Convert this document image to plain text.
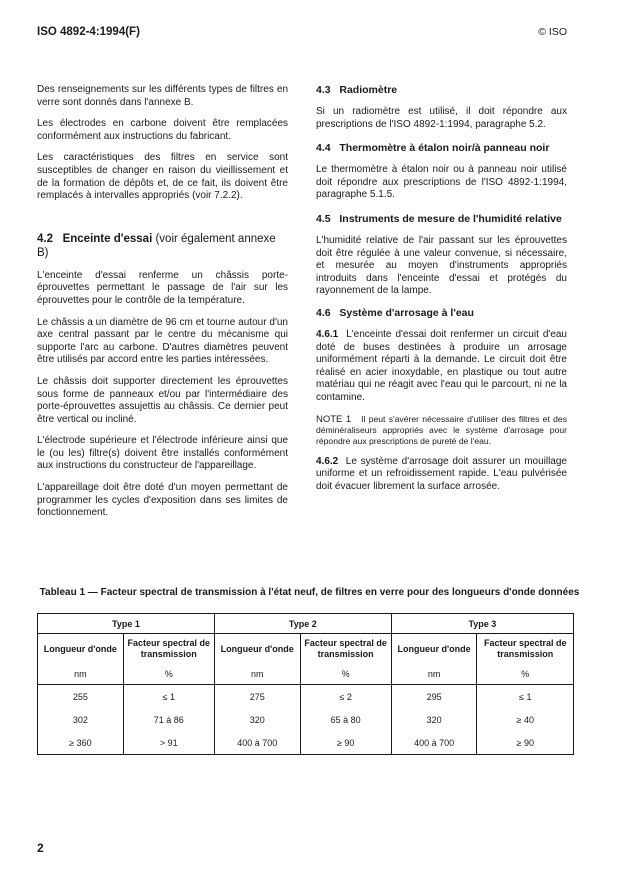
ISO 4892-4:1994(F)	© ISO

Des renseignements sur les différents types de filtres en verre sont donnés dans l'annexe B.

Les électrodes en carbone doivent être remplacées conformément aux instructions du fabricant.

Les caractéristiques des filtres en service sont susceptibles de changer en raison du vieillissement et de la formation de dépôts et, de ce fait, ils doivent être remplacés à intervalles appropriés (voir 7.2.2).

4.2 Enceinte d'essai (voir également annexe B)

L'enceinte d'essai renferme un châssis porte-éprouvettes permettant le passage de l'air sur les éprouvettes pour le contrôle de la température.

Le châssis a un diamètre de 96 cm et tourne autour d'un axe central passant par le centre du mécanisme qui supporte l'arc au carbone. D'autres diamètres peuvent être utilisés par accord entre les parties intéressées.

Le châssis doit supporter directement les éprouvettes sous forme de panneaux et/ou par l'intermédiaire des porte-éprouvettes assujettis au châssis. Ce dernier peut être vertical ou incliné.

L'électrode supérieure et l'électrode inférieure ainsi que le (ou les) filtre(s) doivent être installés conformément aux instructions du constructeur de l'appareillage.

L'appareillage doit être doté d'un moyen permettant de programmer les cycles d'exposition dans ses limites de fonctionnement.

4.3 Radiomètre

Si un radiomètre est utilisé, il doit répondre aux prescriptions de l'ISO 4892-1:1994, paragraphe 5.2.

4.4 Thermomètre à étalon noir/à panneau noir

Le thermomètre à étalon noir ou à panneau noir utilisé doit répondre aux prescriptions de l'ISO 4892-1:1994, paragraphe 5.1.5.

4.5 Instruments de mesure de l'humidité relative

L'humidité relative de l'air passant sur les éprouvettes doit être régulée à une valeur convenue, si nécessaire, et mesurée au moyen d'instruments appropriés introduits dans l'enceinte d'essai et protégés du rayonnement de la lampe.

4.6 Système d'arrosage à l'eau

4.6.1 L'enceinte d'essai doit renfermer un circuit d'eau doté de buses destinées à produire un arrosage uniformément réparti à la demande. Le circuit doit être réalisé en acier inoxydable, en plastique ou tout autre matériau qui ne réagit avec l'eau qui le parcourt, ni ne la contamine.

NOTE 1 Il peut s'avérer nécessaire d'utiliser des filtres et des déminéraliseurs appropriés avec le système d'arrosage pour répondre aux prescriptions de pureté de l'eau.

4.6.2 Le système d'arrosage doit assurer un mouillage uniforme et un refroidissement rapide. L'eau pulvérisée doit évacuer librement la surface arrosée.

Tableau 1 — Facteur spectral de transmission à l'état neuf, de filtres en verre pour des longueurs d'onde données
Type 1		Type 2		Type 3	
Longueur d'onde	Facteur spectral de transmission	Longueur d'onde	Facteur spectral de transmission	Longueur d'onde	Facteur spectral de transmission
nm	%	nm	%	nm	%
255	≤ 1	275	≤ 2	295	≤ 1
302	71 à 86	320	65 à 80	320	≥ 40
≥ 360	> 91	400 à 700	≥ 90	400 à 700	≥ 90
2
